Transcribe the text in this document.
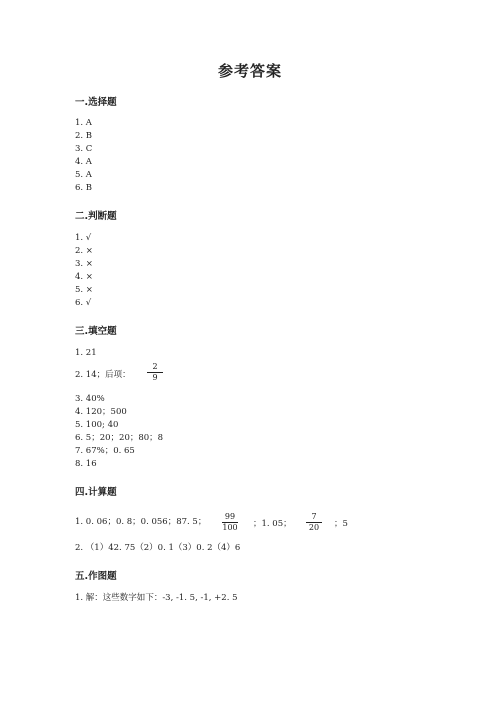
参考答案
一.选择题
1. A
2. B
3. C
4. A
5. A
6. B
二.判断题
1. √
2. ×
3. ×
4. ×
5. ×
6. √
三.填空题
1. 21
2. 14；后项：
2
9
3. 40%
4. 120；500
5. 100; 40
6. 5；20；20；80；8
7. 67%；0. 65
8. 16
四.计算题
1. 0. 06；0. 8；0. 056；87. 5；
99
100 ；1. 05；
7
20	；5
2. （1）42. 75（2）0. 1（3）0. 2（4）6
五.作图题
1. 解：这些数字如下：-3, -1. 5, -1, +2. 5
